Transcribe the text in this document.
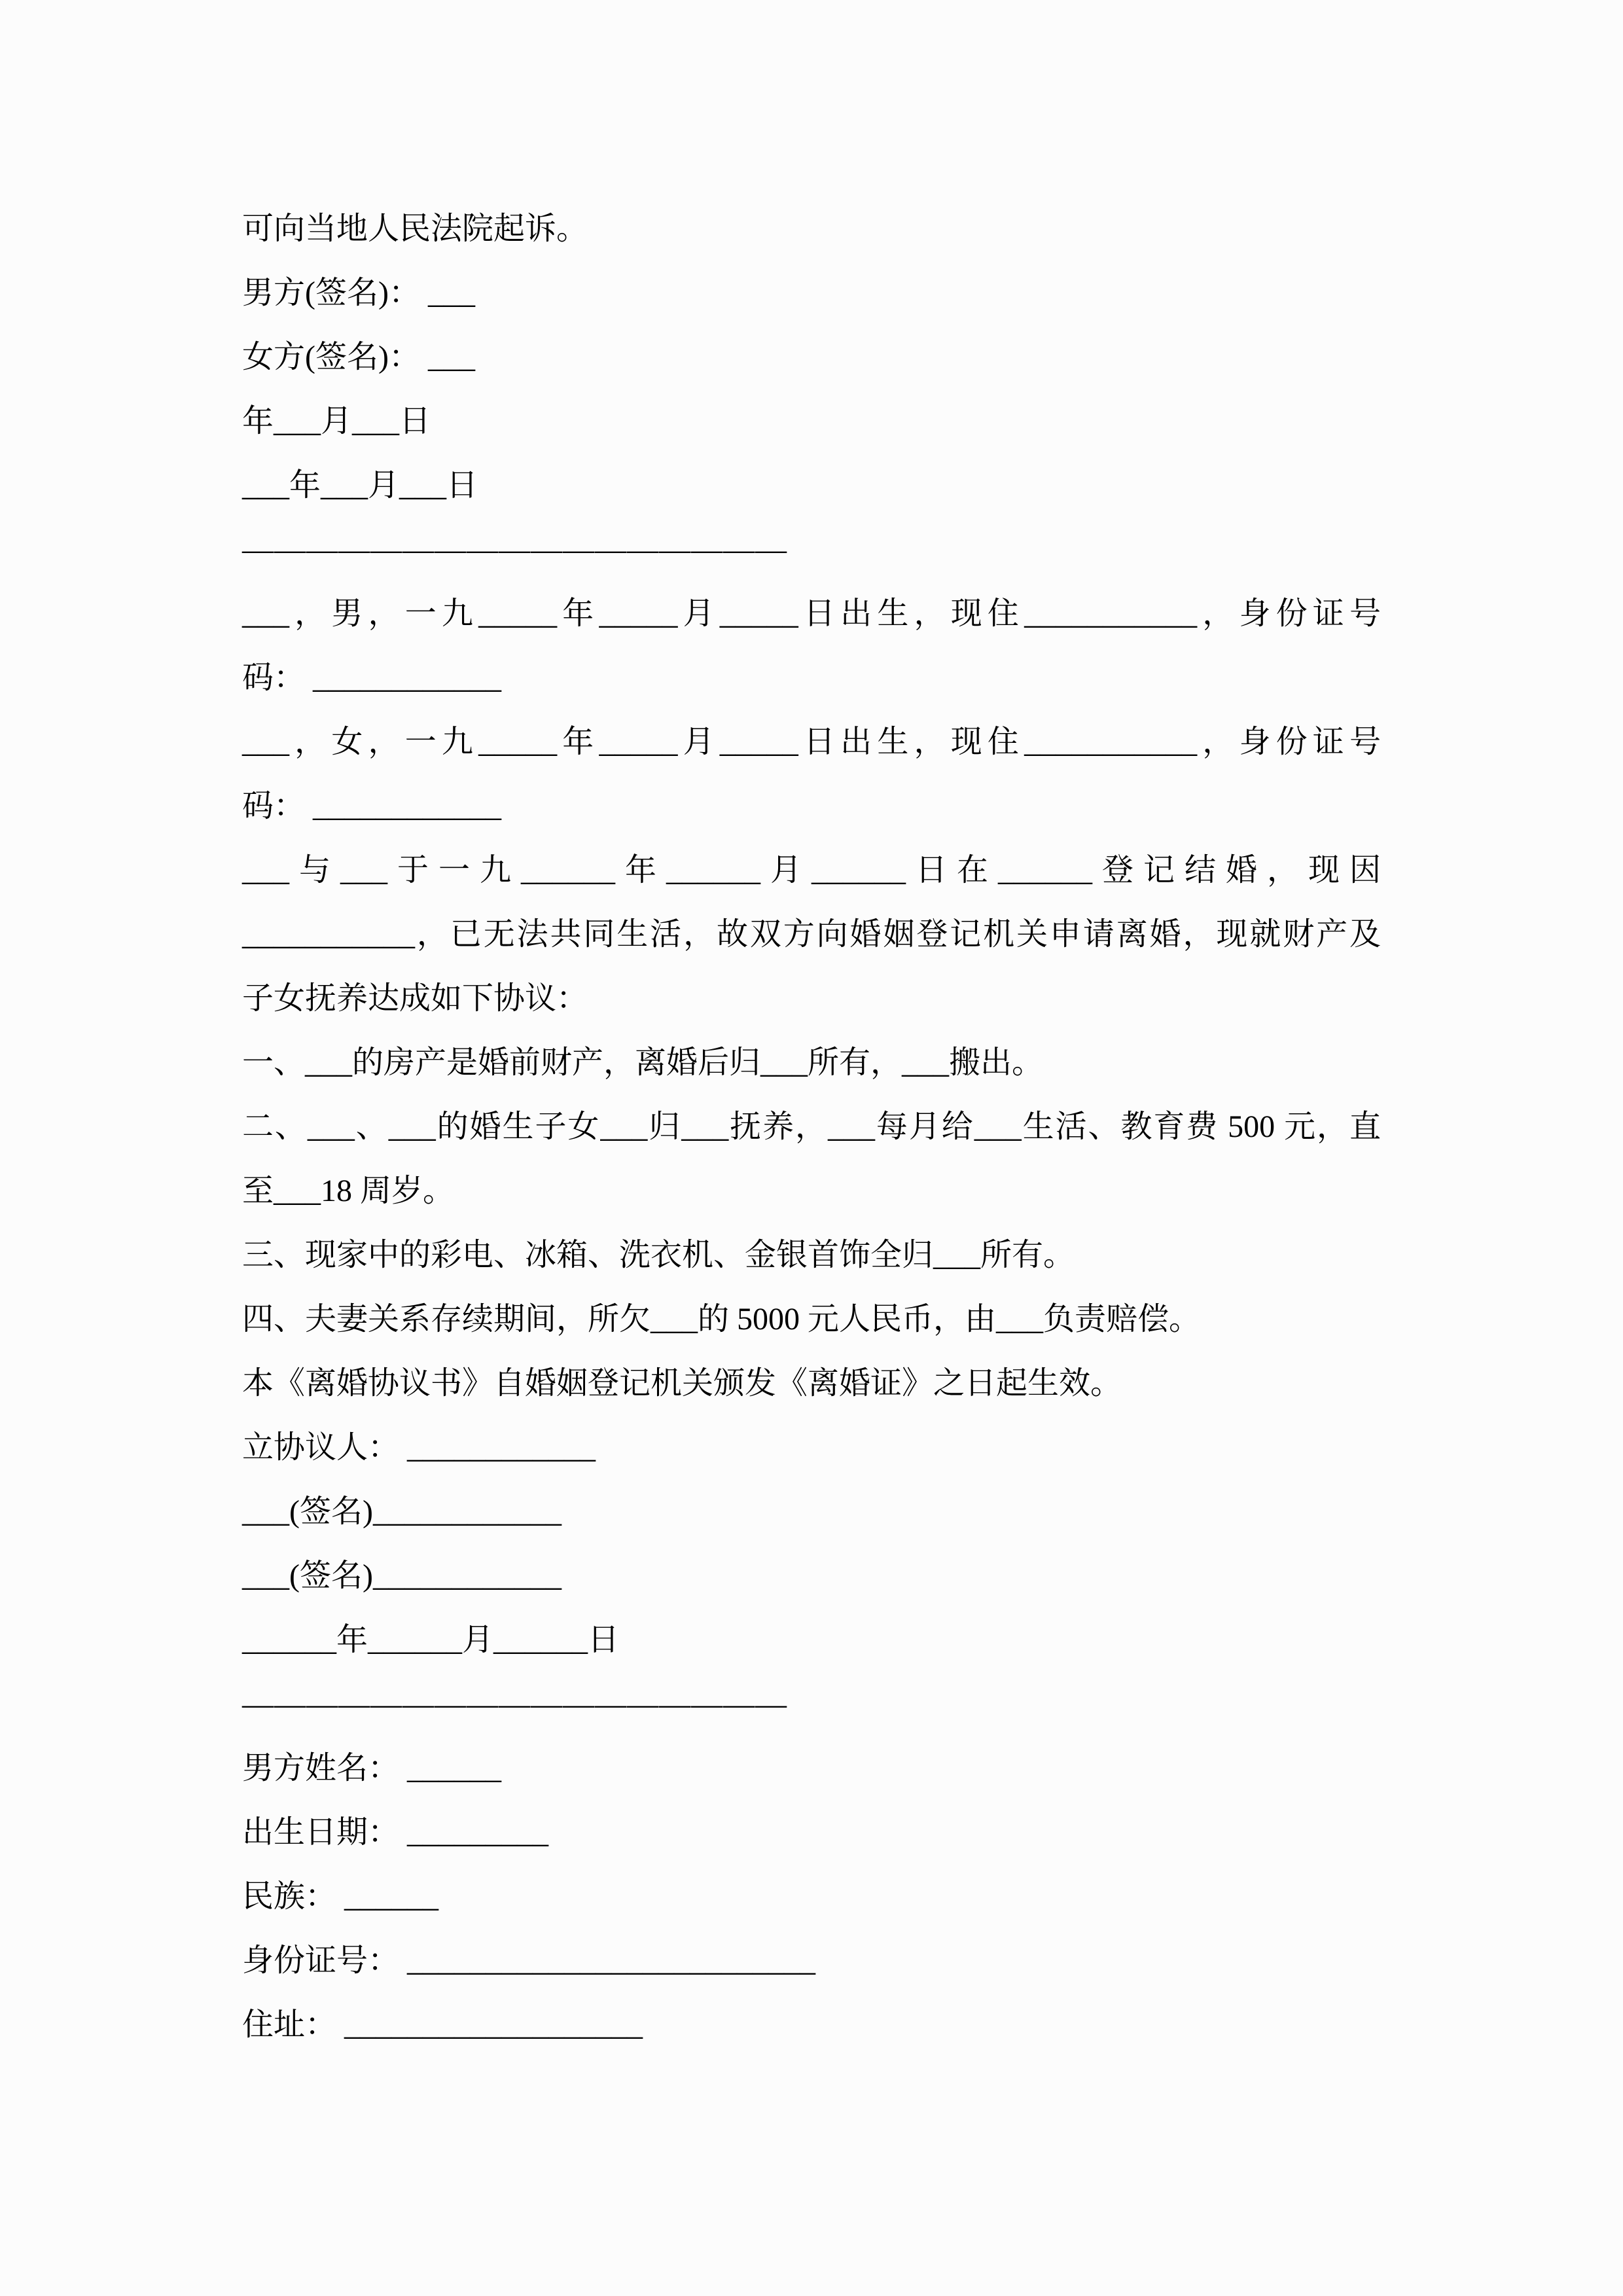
可向当地人民法院起诉。
男方(签名)： ___
女方(签名)： ___
年___月___日
___年___月___日
—————————————————
___，男，一九_____年_____月_____日出生，现住___________，身份证号
码： ____________
___，女，一九_____年_____月_____日出生，现住___________，身份证号
码： ____________
___与___于一九______年______月______日在______登记结婚，现因
___________，已无法共同生活，故双方向婚姻登记机关申请离婚，现就财产及
子女抚养达成如下协议：
一、___的房产是婚前财产，离婚后归___所有，___搬出。
二、___、___的婚生子女___归___抚养，___每月给___生活、教育费 500 元，直
至___18 周岁。
三、现家中的彩电、冰箱、洗衣机、金银首饰全归___所有。
四、夫妻关系存续期间，所欠___的 5000 元人民币，由___负责赔偿。
本《离婚协议书》自婚姻登记机关颁发《离婚证》之日起生效。
立协议人： ____________
___(签名)____________
___(签名)____________
______年______月______日
—————————————————
男方姓名： ______
出生日期： _________
民族： ______
身份证号： __________________________
住址： ___________________
